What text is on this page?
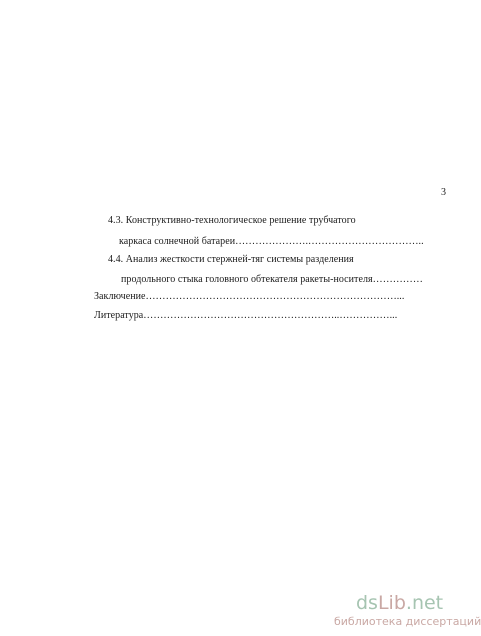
3
4.3. Конструктивно-технологическое решение трубчатого
каркаса солнечной батареи………………….……………………………..
4.4. Анализ жесткости стержней-тяг системы разделения
продольного стыка головного обтекателя ракеты-носителя……………
Заключение…………………………………………………………………...
Литература…………………………………………………..……………...
dsLib.net
библиотека диссертаций
